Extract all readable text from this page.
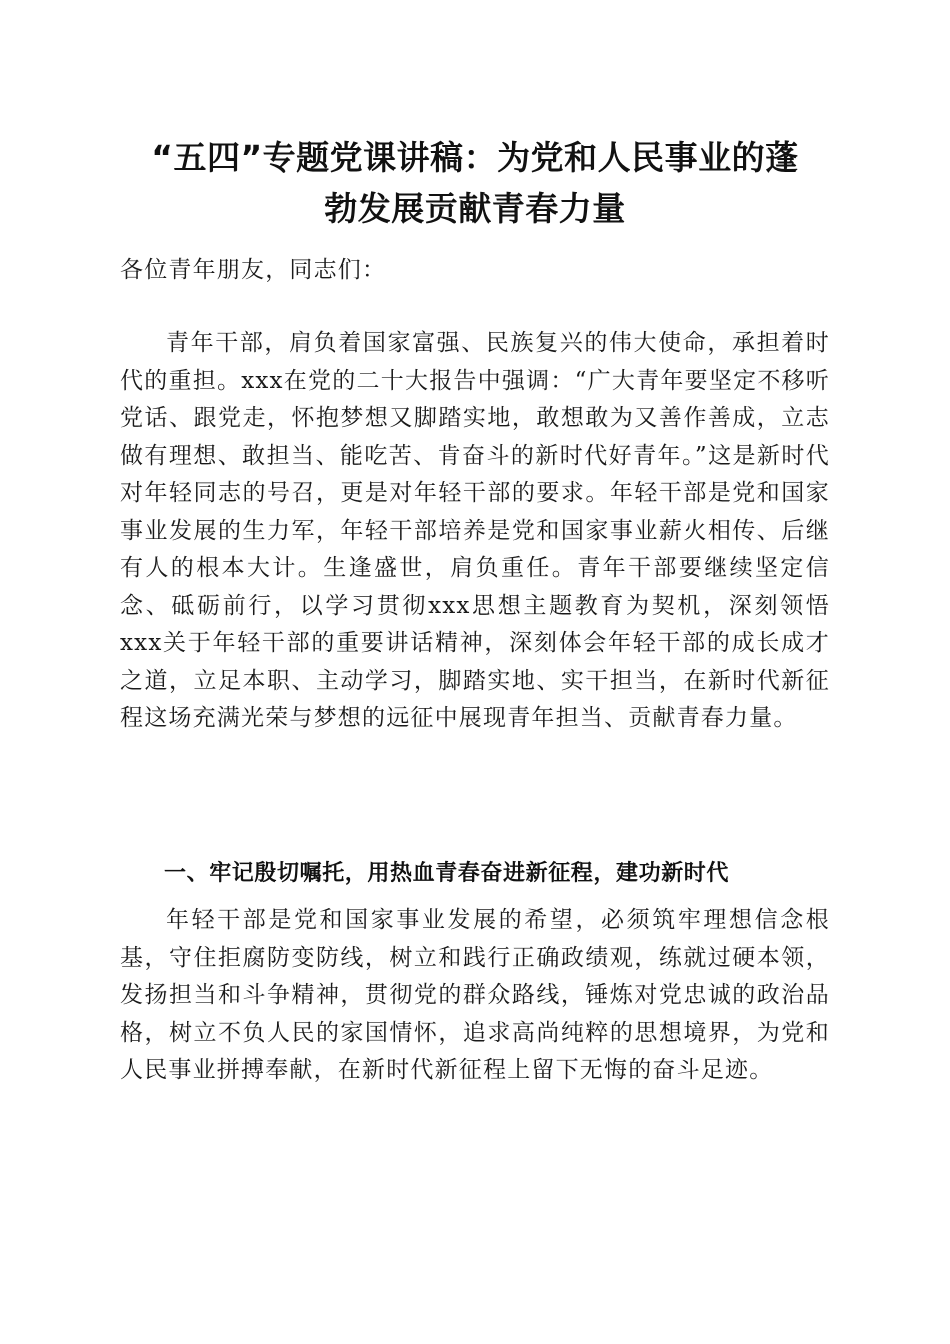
“五四”专题党课讲稿：为党和人民事业的蓬
勃发展贡献青春力量

各位青年朋友，同志们：

青年干部，肩负着国家富强、民族复兴的伟大使命，承担着时代的重担。xxx在党的二十大报告中强调：“广大青年要坚定不移听党话、跟党走，怀抱梦想又脚踏实地，敢想敢为又善作善成，立志做有理想、敢担当、能吃苦、肯奋斗的新时代好青年。”这是新时代对年轻同志的号召，更是对年轻干部的要求。年轻干部是党和国家事业发展的生力军，年轻干部培养是党和国家事业薪火相传、后继有人的根本大计。生逢盛世，肩负重任。青年干部要继续坚定信念、砥砺前行，以学习贯彻xxx思想主题教育为契机，深刻领悟xxx关于年轻干部的重要讲话精神，深刻体会年轻干部的成长成才之道，立足本职、主动学习，脚踏实地、实干担当，在新时代新征程这场充满光荣与梦想的远征中展现青年担当、贡献青春力量。

一、牢记殷切嘱托，用热血青春奋进新征程，建功新时代

年轻干部是党和国家事业发展的希望，必须筑牢理想信念根基，守住拒腐防变防线，树立和践行正确政绩观，练就过硬本领，发扬担当和斗争精神，贯彻党的群众路线，锤炼对党忠诚的政治品格，树立不负人民的家国情怀，追求高尚纯粹的思想境界，为党和人民事业拼搏奉献，在新时代新征程上留下无悔的奋斗足迹。
